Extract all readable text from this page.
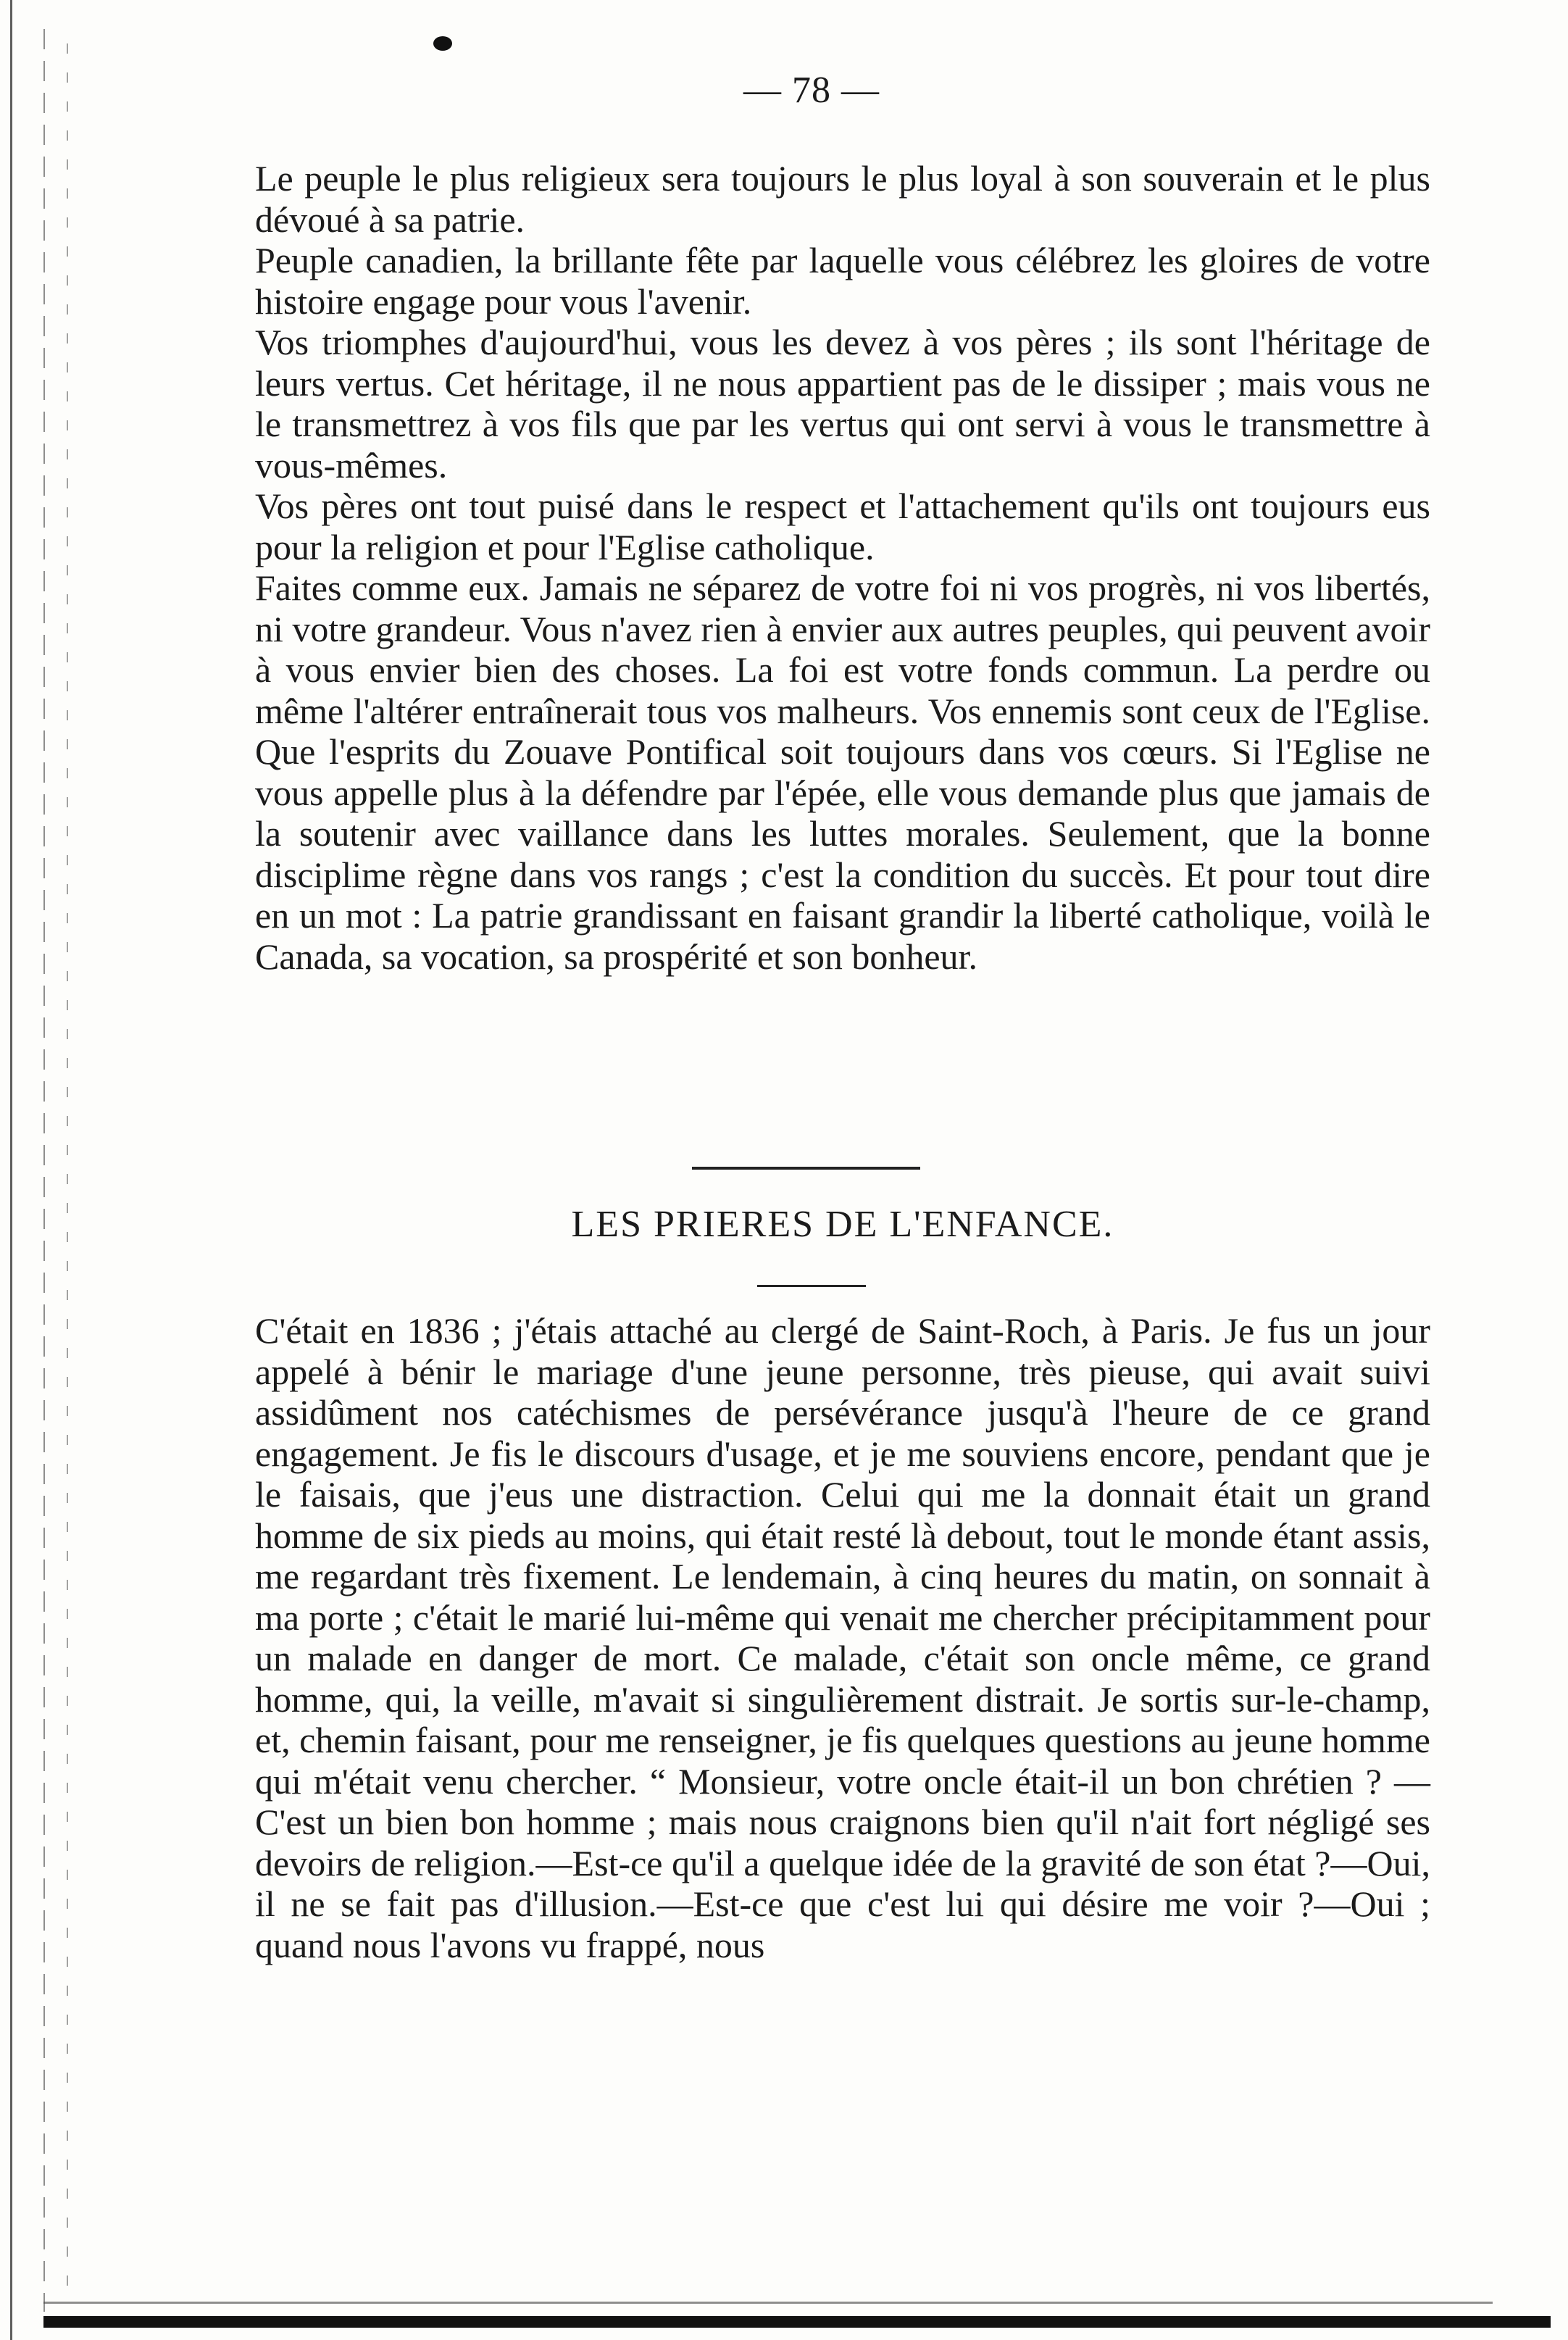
— 78 —

Le peuple le plus religieux sera toujours le plus loyal à son souverain et le plus dévoué à sa patrie.

Peuple canadien, la brillante fête par laquelle vous célébrez les gloires de votre histoire engage pour vous l'avenir.

Vos triomphes d'aujourd'hui, vous les devez à vos pères ; ils sont l'héritage de leurs vertus. Cet héritage, il ne nous appartient pas de le dissiper ; mais vous ne le transmettrez à vos fils que par les vertus qui ont servi à vous le transmettre à vous-mêmes.

Vos pères ont tout puisé dans le respect et l'attachement qu'ils ont toujours eus pour la religion et pour l'Eglise catholique.

Faites comme eux. Jamais ne séparez de votre foi ni vos progrès, ni vos libertés, ni votre grandeur. Vous n'avez rien à envier aux autres peuples, qui peuvent avoir à vous envier bien des choses. La foi est votre fonds commun. La perdre ou même l'altérer entraînerait tous vos malheurs. Vos ennemis sont ceux de l'Eglise. Que l'esprits du Zouave Pontifical soit toujours dans vos cœurs. Si l'Eglise ne vous appelle plus à la défendre par l'épée, elle vous demande plus que jamais de la soutenir avec vaillance dans les luttes morales. Seulement, que la bonne disciplime règne dans vos rangs ; c'est la condition du succès. Et pour tout dire en un mot : La patrie grandissant en faisant grandir la liberté catholique, voilà le Canada, sa vocation, sa prospérité et son bonheur.

LES PRIERES DE L'ENFANCE.

C'était en 1836 ; j'étais attaché au clergé de Saint-Roch, à Paris. Je fus un jour appelé à bénir le mariage d'une jeune personne, très pieuse, qui avait suivi assidûment nos catéchismes de persévérance jusqu'à l'heure de ce grand engagement. Je fis le discours d'usage, et je me souviens encore, pendant que je le faisais, que j'eus une distraction. Celui qui me la donnait était un grand homme de six pieds au moins, qui était resté là debout, tout le monde étant assis, me regardant très fixement. Le lendemain, à cinq heures du matin, on sonnait à ma porte ; c'était le marié lui-même qui venait me chercher précipitamment pour un malade en danger de mort. Ce malade, c'était son oncle même, ce grand homme, qui, la veille, m'avait si singulièrement distrait. Je sortis sur-le-champ, et, chemin faisant, pour me renseigner, je fis quelques questions au jeune homme qui m'était venu chercher. “ Monsieur, votre oncle était-il un bon chrétien ? — C'est un bien bon homme ; mais nous craignons bien qu'il n'ait fort négligé ses devoirs de religion.—Est-ce qu'il a quelque idée de la gravité de son état ?—Oui, il ne se fait pas d'illusion.—Est-ce que c'est lui qui désire me voir ?—Oui ; quand nous l'avons vu frappé, nous
